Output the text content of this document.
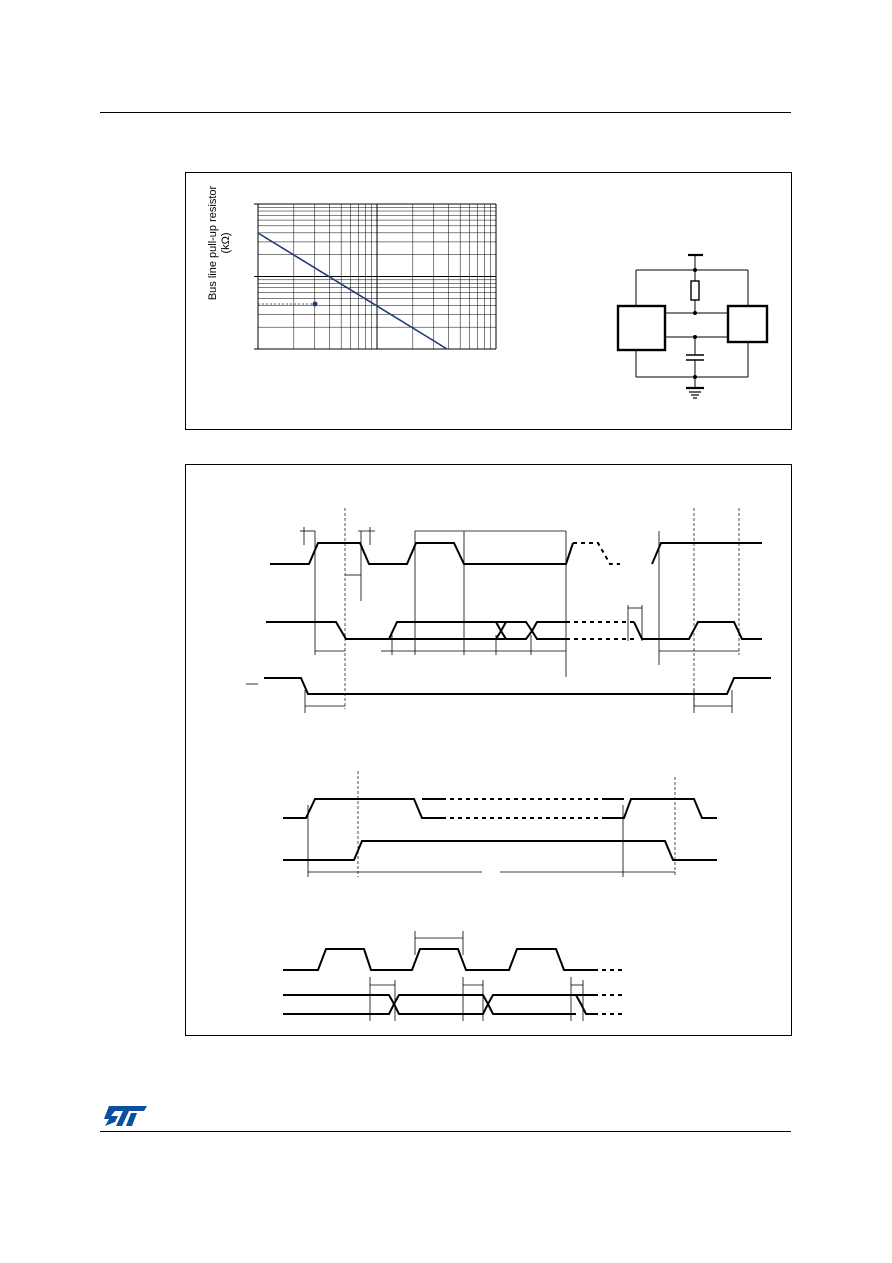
Bus line pull-up resistor (kΩ)
